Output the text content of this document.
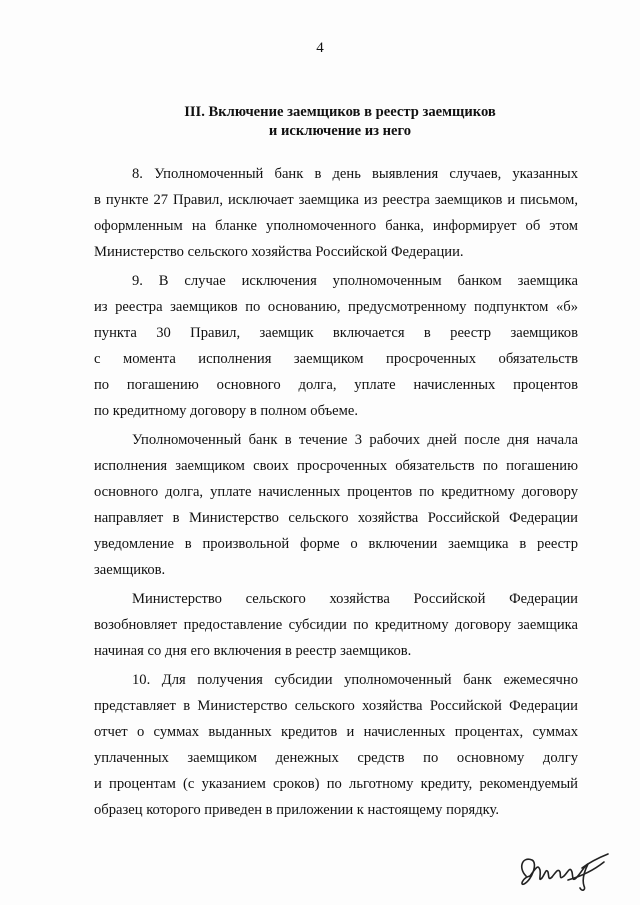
4
III. Включение заемщиков в реестр заемщиков
и исключение из него
8. Уполномоченный банк в день выявления случаев, указанных
в пункте 27 Правил, исключает заемщика из реестра заемщиков и письмом,
оформленным на бланке уполномоченного банка, информирует об этом
Министерство сельского хозяйства Российской Федерации.
9. В случае исключения уполномоченным банком заемщика
из реестра заемщиков по основанию, предусмотренному подпунктом «б»
пункта 30 Правил, заемщик включается в реестр заемщиков
с момента исполнения заемщиком просроченных обязательств
по погашению основного долга, уплате начисленных процентов
по кредитному договору в полном объеме.
Уполномоченный банк в течение 3 рабочих дней после дня начала
исполнения заемщиком своих просроченных обязательств по погашению
основного долга, уплате начисленных процентов по кредитному договору
направляет в Министерство сельского хозяйства Российской Федерации
уведомление в произвольной форме о включении заемщика в реестр
заемщиков.
Министерство сельского хозяйства Российской Федерации
возобновляет предоставление субсидии по кредитному договору заемщика
начиная со дня его включения в реестр заемщиков.
10. Для получения субсидии уполномоченный банк ежемесячно
представляет в Министерство сельского хозяйства Российской Федерации
отчет о суммах выданных кредитов и начисленных процентах, суммах
уплаченных заемщиком денежных средств по основному долгу
и процентам (с указанием сроков) по льготному кредиту, рекомендуемый
образец которого приведен в приложении к настоящему порядку.
